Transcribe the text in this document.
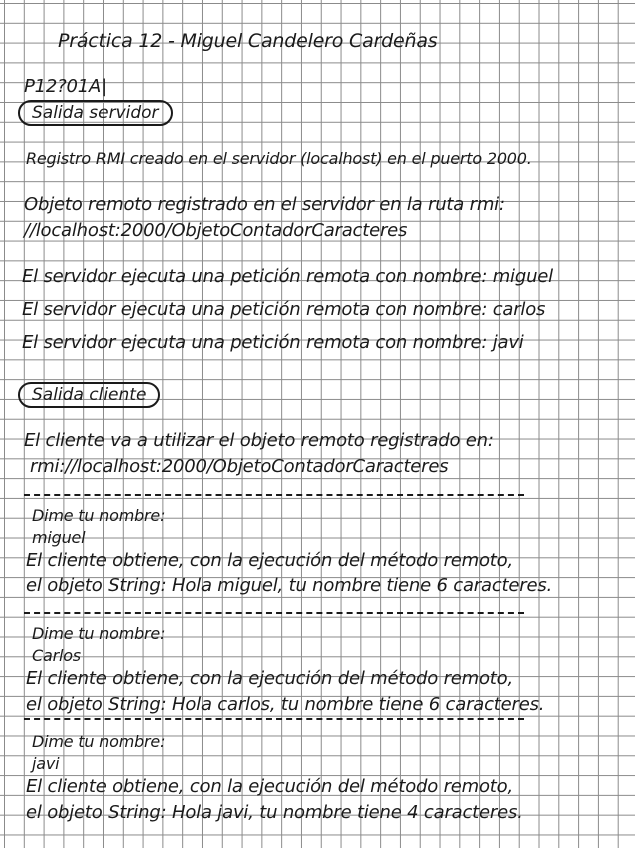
Práctica 12 - Miguel Candelero Cardeñas
P12?01A|
Salida servidor
Registro RMI creado en el servidor (localhost) en el puerto 2000.
Objeto remoto registrado en el servidor en la ruta rmi:
//localhost:2000/ObjetoContadorCaracteres
El servidor ejecuta una petición remota con nombre: miguel
El servidor ejecuta una petición remota con nombre: carlos
El servidor ejecuta una petición remota con nombre: javi
Salida cliente
El cliente va a utilizar el objeto remoto registrado en:
rmi://localhost:2000/ObjetoContadorCaracteres
Dime tu nombre:
miguel
El cliente obtiene, con la ejecución del método remoto,
el objeto String: Hola miguel, tu nombre tiene 6 caracteres.
Dime tu nombre:
Carlos
El cliente obtiene, con la ejecución del método remoto,
el objeto String: Hola carlos, tu nombre tiene 6 caracteres.
Dime tu nombre:
javi
El cliente obtiene, con la ejecución del método remoto,
el objeto String: Hola javi, tu nombre tiene 4 caracteres.
